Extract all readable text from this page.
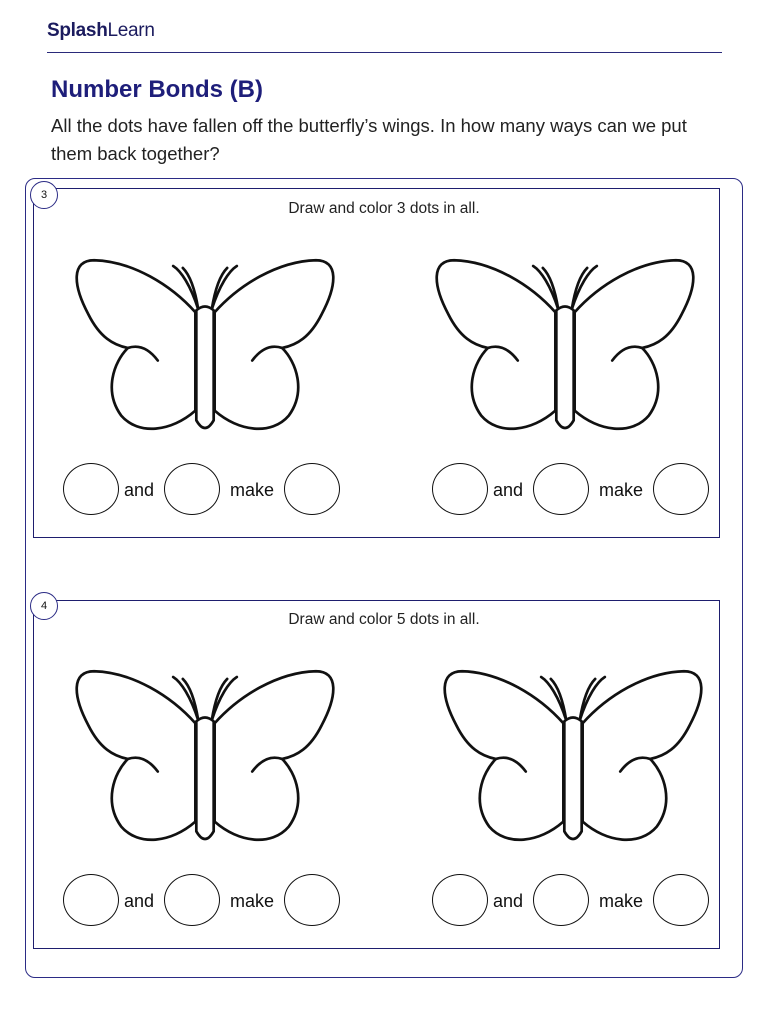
SplashLearn
Number Bonds (B)

All the dots have fallen off the butterfly’s wings. In how many ways can we put them back together?

3
Draw and color 3 dots in all.
and	make	and	make
4
Draw and color 5 dots in all.
and	make	and	make
